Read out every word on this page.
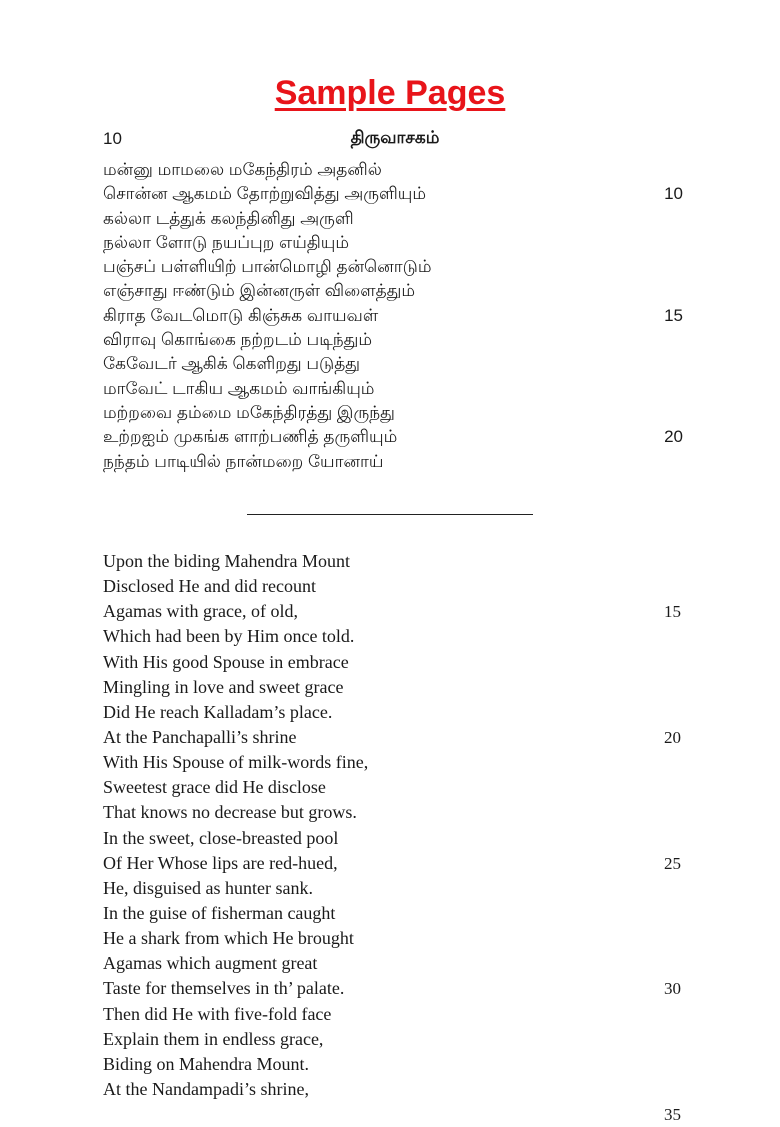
Sample Pages
10	திருவாசகம்
மன்னு மாமலை மகேந்திரம் அதனில்
சொன்ன ஆகமம் தோற்றுவித்து அருளியும்	10
கல்லா டத்துக் கலந்தினிது அருளி
நல்லா ளோடு நயப்புற எய்தியும்
பஞ்சப் பள்ளியிற் பான்மொழி தன்னொடும்
எஞ்சாது ஈண்டும் இன்னருள் விளைத்தும்
கிராத வேடமொடு கிஞ்சுக வாயவள்	15
விராவு கொங்கை நற்றடம் படிந்தும்
கேவேடர் ஆகிக் கெளிறது படுத்து
மாவேட் டாகிய ஆகமம் வாங்கியும்
மற்றவை தம்மை மகேந்திரத்து இருந்து
உற்றஐம் முகங்க ளாற்பணித் தருளியும்	20
நந்தம் பாடியில் நான்மறை யோனாய்
Upon the biding Mahendra Mount
Disclosed He and did recount
Agamas with grace, of old,	15
Which had been by Him once told.
With His good Spouse in embrace
Mingling in love and sweet grace
Did He reach Kalladam’s place.
At the Panchapalli’s shrine	20
With His Spouse of milk-words fine,
Sweetest grace did He disclose
That knows no decrease but grows.
In the sweet, close-breasted pool
Of Her Whose lips are red-hued,	25
He, disguised as hunter sank.
In the guise of fisherman caught
He a shark from which He brought
Agamas which augment great
Taste for themselves in th’ palate.	30
Then did He with five-fold face
Explain them in endless grace,
Biding on Mahendra Mount.
At the Nandampadi’s shrine,
35
